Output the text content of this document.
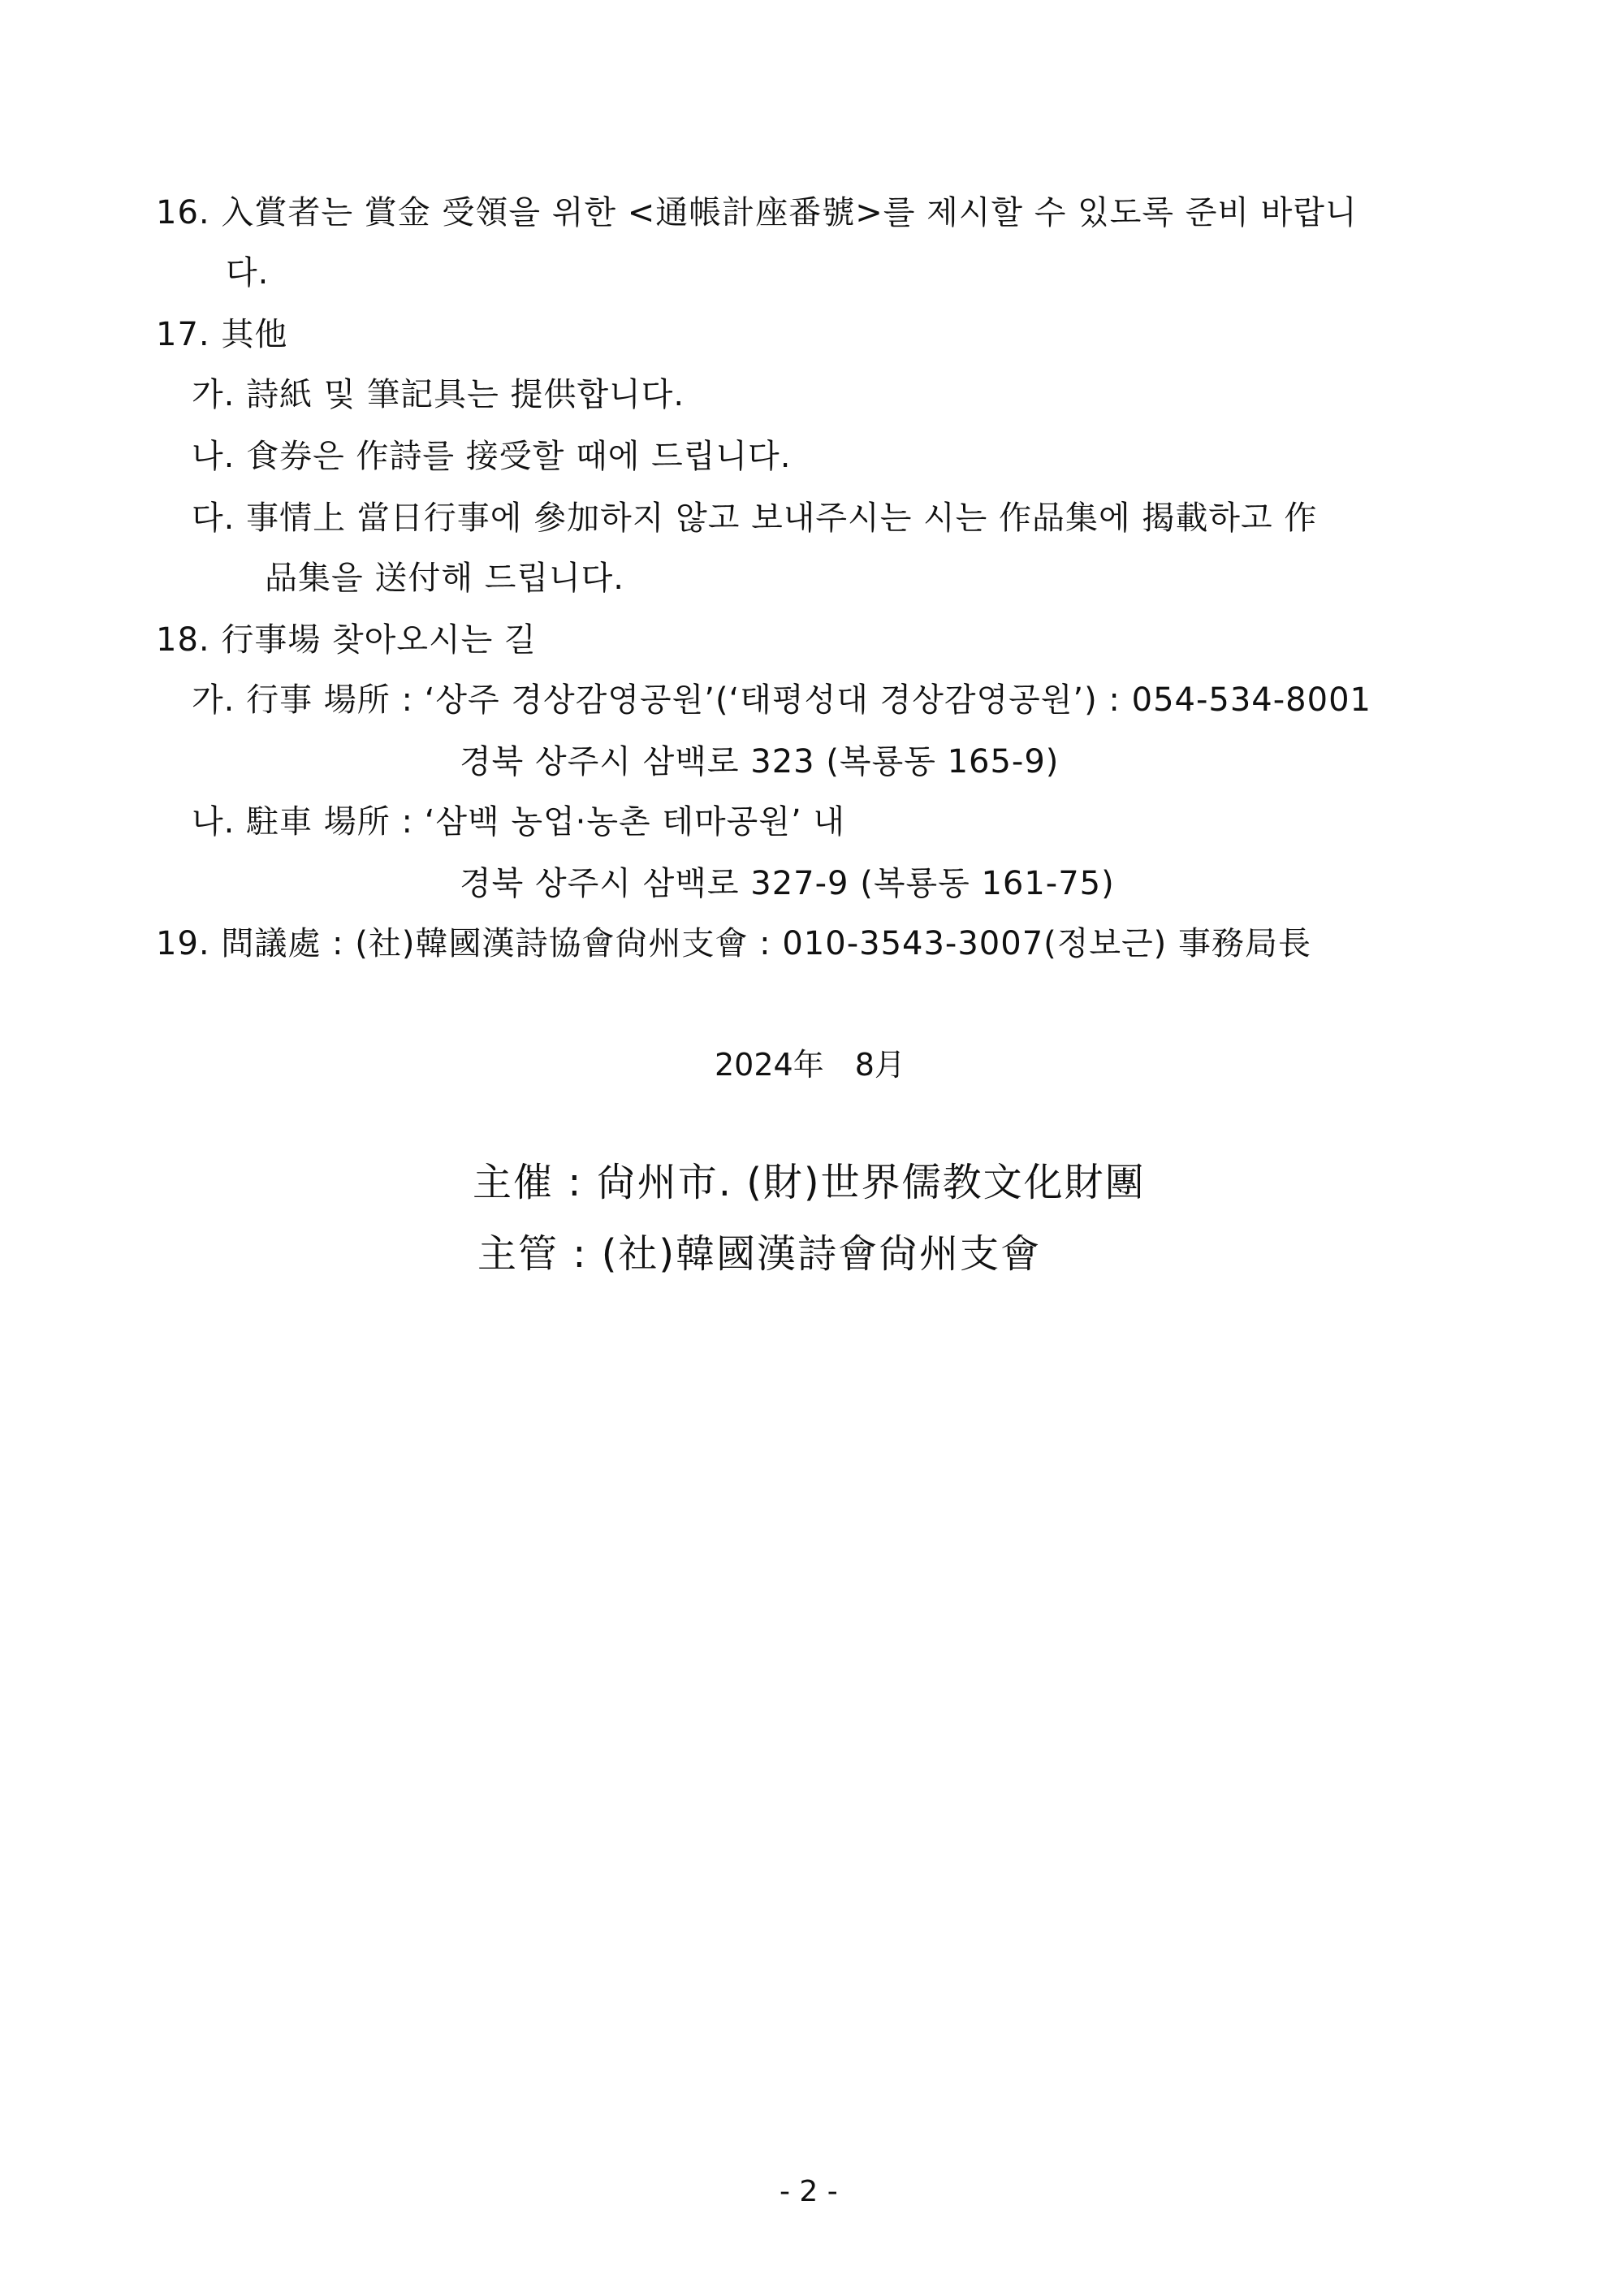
16. 入賞者는 賞金 受領을 위한 <通帳計座番號>를 제시할 수 있도록 준비 바랍니
다.
17. 其他
가. 詩紙 및 筆記具는 提供합니다.
나. 食券은 作詩를 接受할 때에 드립니다.
다. 事情上 當日行事에 參加하지 않고 보내주시는 시는 作品集에 揭載하고 作
品集을 送付해 드립니다.
18. 行事場 찾아오시는 길
가. 行事 場所 : ‘상주 경상감영공원’(‘태평성대 경상감영공원’) : 054-534-8001
경북 상주시 삼백로 323 (복룡동 165-9)
나. 駐車 場所 : ‘삼백 농업·농촌 테마공원’ 내
경북 상주시 삼백로 327-9 (복룡동 161-75)
19. 問議處 : (社)韓國漢詩協會尙州支會 : 010-3543-3007(정보근) 事務局長
2024年　8月
主催 : 尙州市. (財)世界儒教文化財團
主管 : (社)韓國漢詩會尙州支會
- 2 -
